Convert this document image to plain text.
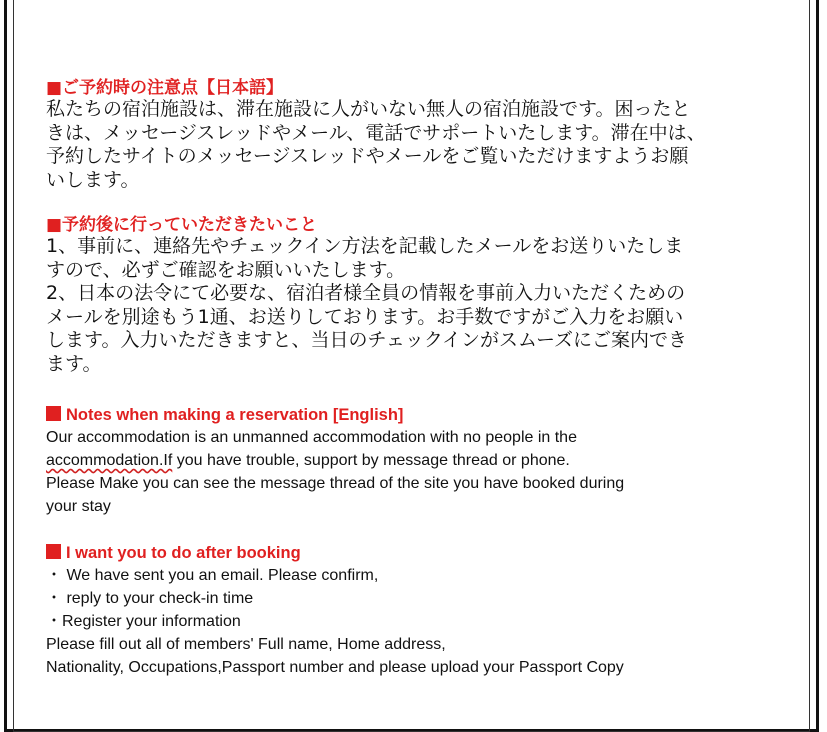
■ご予約時の注意点【日本語】

私たちの宿泊施設は、滞在施設に人がいない無人の宿泊施設です。困ったと

きは、メッセージスレッドやメール、電話でサポートいたします。滞在中は、

予約したサイトのメッセージスレッドやメールをご覧いただけますようお願

いします。

■予約後に行っていただきたいこと

1、事前に、連絡先やチェックイン方法を記載したメールをお送りいたしま

すので、必ずご確認をお願いいたします。

2、日本の法令にて必要な、宿泊者様全員の情報を事前入力いただくための

メールを別途もう1通、お送りしております。お手数ですがご入力をお願い

します。入力いただきますと、当日のチェックインがスムーズにご案内でき

ます。

Notes when making a reservation [English]

Our accommodation is an unmanned accommodation with no people in the

accommodation.If you have trouble, support by message thread or phone.

Please Make you can see the message thread of the site you have booked during

your stay

I want you to do after booking

・ We have sent you an email. Please confirm,

・ reply to your check-in time

・Register your information

Please fill out all of members' Full name, Home address,

Nationality, Occupations,Passport number and please upload your Passport Copy
